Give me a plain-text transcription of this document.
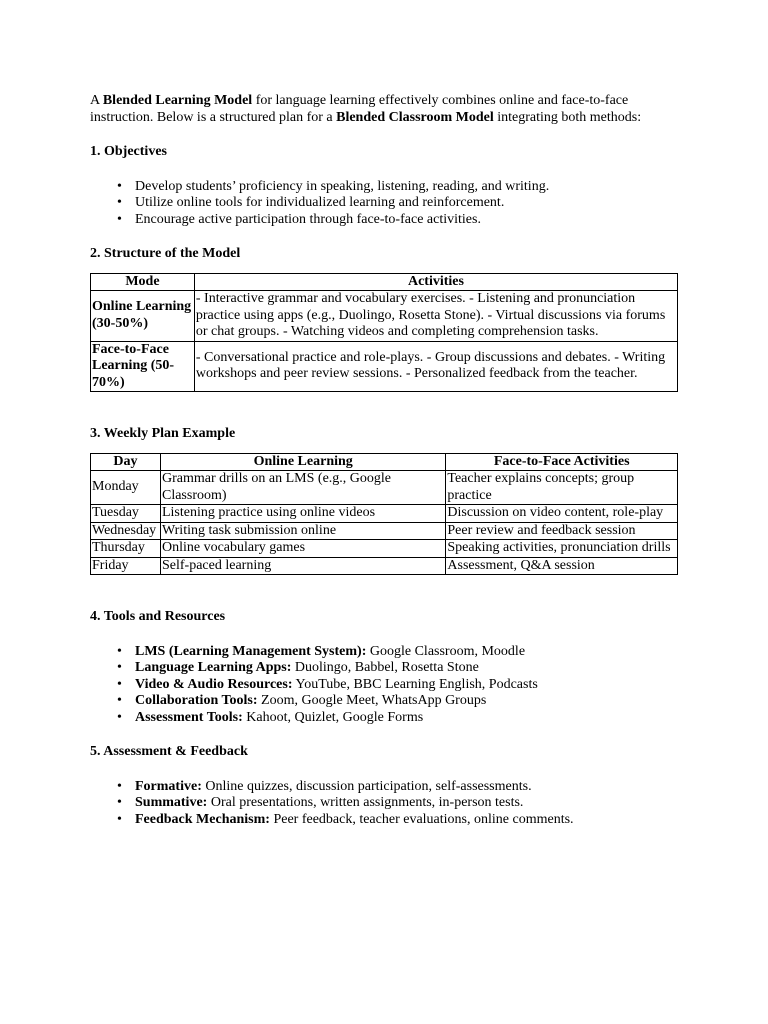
A Blended Learning Model for language learning effectively combines online and face-to-face instruction. Below is a structured plan for a Blended Classroom Model integrating both methods:

1. Objectives
• Develop students’ proficiency in speaking, listening, reading, and writing.
• Utilize online tools for individualized learning and reinforcement.
• Encourage active participation through face-to-face activities.
2. Structure of the Model
Mode	Activities
Online Learning (30-50%)	- Interactive grammar and vocabulary exercises. - Listening and pronunciation practice using apps (e.g., Duolingo, Rosetta Stone). - Virtual discussions via forums or chat groups. - Watching videos and completing comprehension tasks.
Face-to-Face Learning (50-70%)	- Conversational practice and role-plays. - Group discussions and debates. - Writing workshops and peer review sessions. - Personalized feedback from the teacher.
3. Weekly Plan Example
Day	Online Learning	Face-to-Face Activities
Monday	Grammar drills on an LMS (e.g., Google Classroom)	Teacher explains concepts; group practice
Tuesday	Listening practice using online videos	Discussion on video content, role-play
Wednesday	Writing task submission online	Peer review and feedback session
Thursday	Online vocabulary games	Speaking activities, pronunciation drills
Friday	Self-paced learning	Assessment, Q&A session
4. Tools and Resources
• LMS (Learning Management System): Google Classroom, Moodle
• Language Learning Apps: Duolingo, Babbel, Rosetta Stone
• Video & Audio Resources: YouTube, BBC Learning English, Podcasts
• Collaboration Tools: Zoom, Google Meet, WhatsApp Groups
• Assessment Tools: Kahoot, Quizlet, Google Forms
5. Assessment & Feedback
• Formative: Online quizzes, discussion participation, self-assessments.
• Summative: Oral presentations, written assignments, in-person tests.
• Feedback Mechanism: Peer feedback, teacher evaluations, online comments.
